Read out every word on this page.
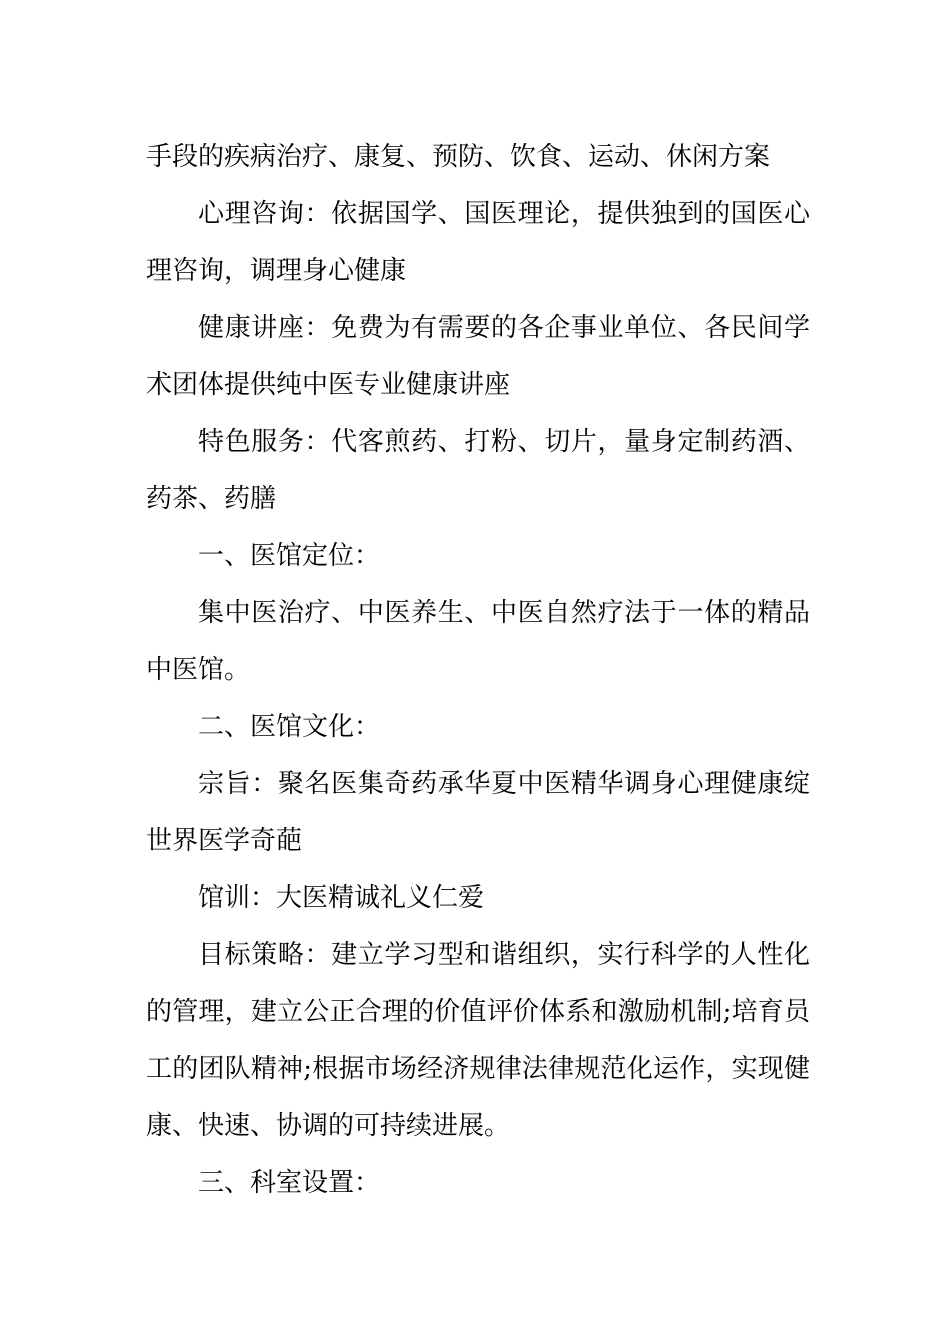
手段的疾病治疗、康复、预防、饮食、运动、休闲方案

心理咨询：依据国学、国医理论，提供独到的国医心理咨询，调理身心健康

健康讲座：免费为有需要的各企事业单位、各民间学术团体提供纯中医专业健康讲座

特色服务：代客煎药、打粉、切片，量身定制药酒、药茶、药膳

一、医馆定位：

集中医治疗、中医养生、中医自然疗法于一体的精品中医馆。

二、医馆文化：

宗旨：聚名医集奇药承华夏中医精华调身心理健康绽世界医学奇葩

馆训：大医精诚礼义仁爱

目标策略：建立学习型和谐组织，实行科学的人性化的管理，建立公正合理的价值评价体系和激励机制;培育员工的团队精神;根据市场经济规律法律规范化运作，实现健康、快速、协调的可持续进展。

三、科室设置：
